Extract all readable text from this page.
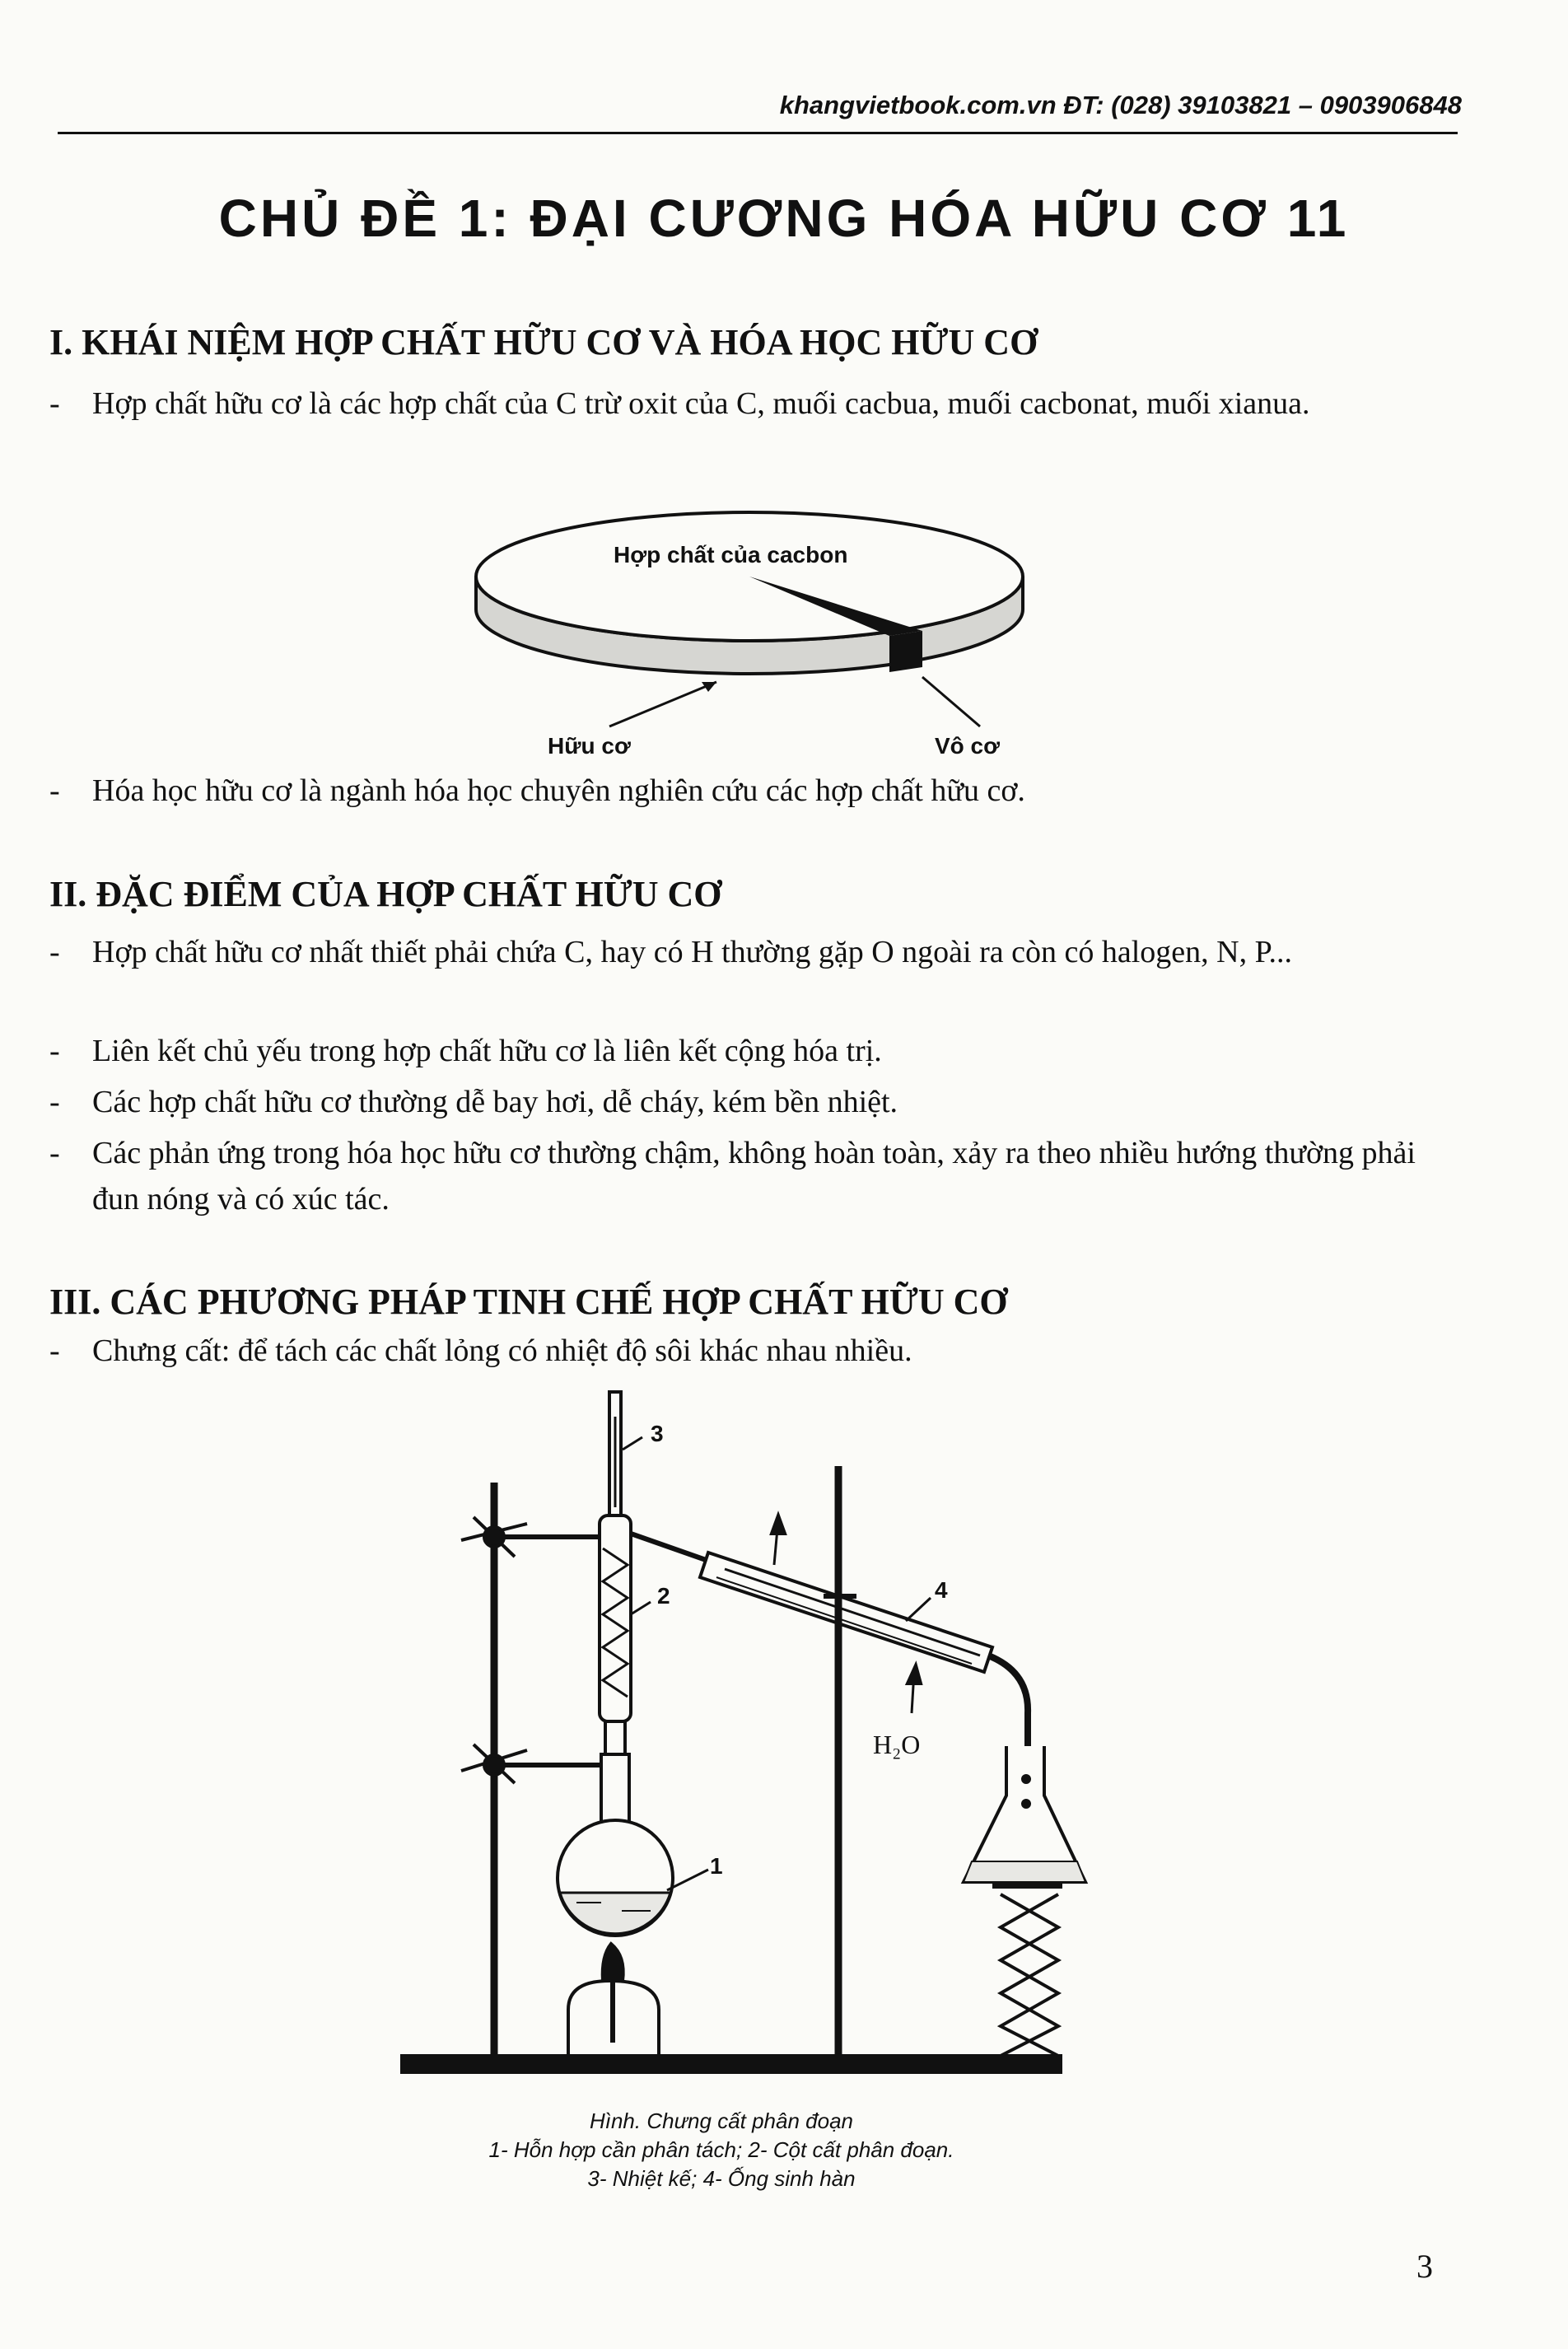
khangvietbook.com.vn ĐT: (028) 39103821 – 0903906848
CHỦ ĐỀ 1: ĐẠI CƯƠNG HÓA HỮU CƠ 11
I. KHÁI NIỆM HỢP CHẤT HỮU CƠ VÀ HÓA HỌC HỮU CƠ
- Hợp chất hữu cơ là các hợp chất của C trừ oxit của C, muối cacbua, muối cacbonat, muối xianua.
Hợp chất của cacbon
Hữu cơ	Vô cơ
- Hóa học hữu cơ là ngành hóa học chuyên nghiên cứu các hợp chất hữu cơ.
II. ĐẶC ĐIỂM CỦA HỢP CHẤT HỮU CƠ
- Hợp chất hữu cơ nhất thiết phải chứa C, hay có H thường gặp O ngoài ra còn có halogen, N, P...
- Liên kết chủ yếu trong hợp chất hữu cơ là liên kết cộng hóa trị.
- Các hợp chất hữu cơ thường dễ bay hơi, dễ cháy, kém bền nhiệt.
- Các phản ứng trong hóa học hữu cơ thường chậm, không hoàn toàn, xảy ra theo nhiều hướng thường phải đun nóng và có xúc tác.
III. CÁC PHƯƠNG PHÁP TINH CHẾ HỢP CHẤT HỮU CƠ
- Chưng cất: để tách các chất lỏng có nhiệt độ sôi khác nhau nhiều.
3
2	4
1
H₂O
Hình. Chưng cất phân đoạn
1- Hỗn hợp cần phân tách; 2- Cột cất phân đoạn.
3- Nhiệt kế; 4- Ống sinh hàn
3
